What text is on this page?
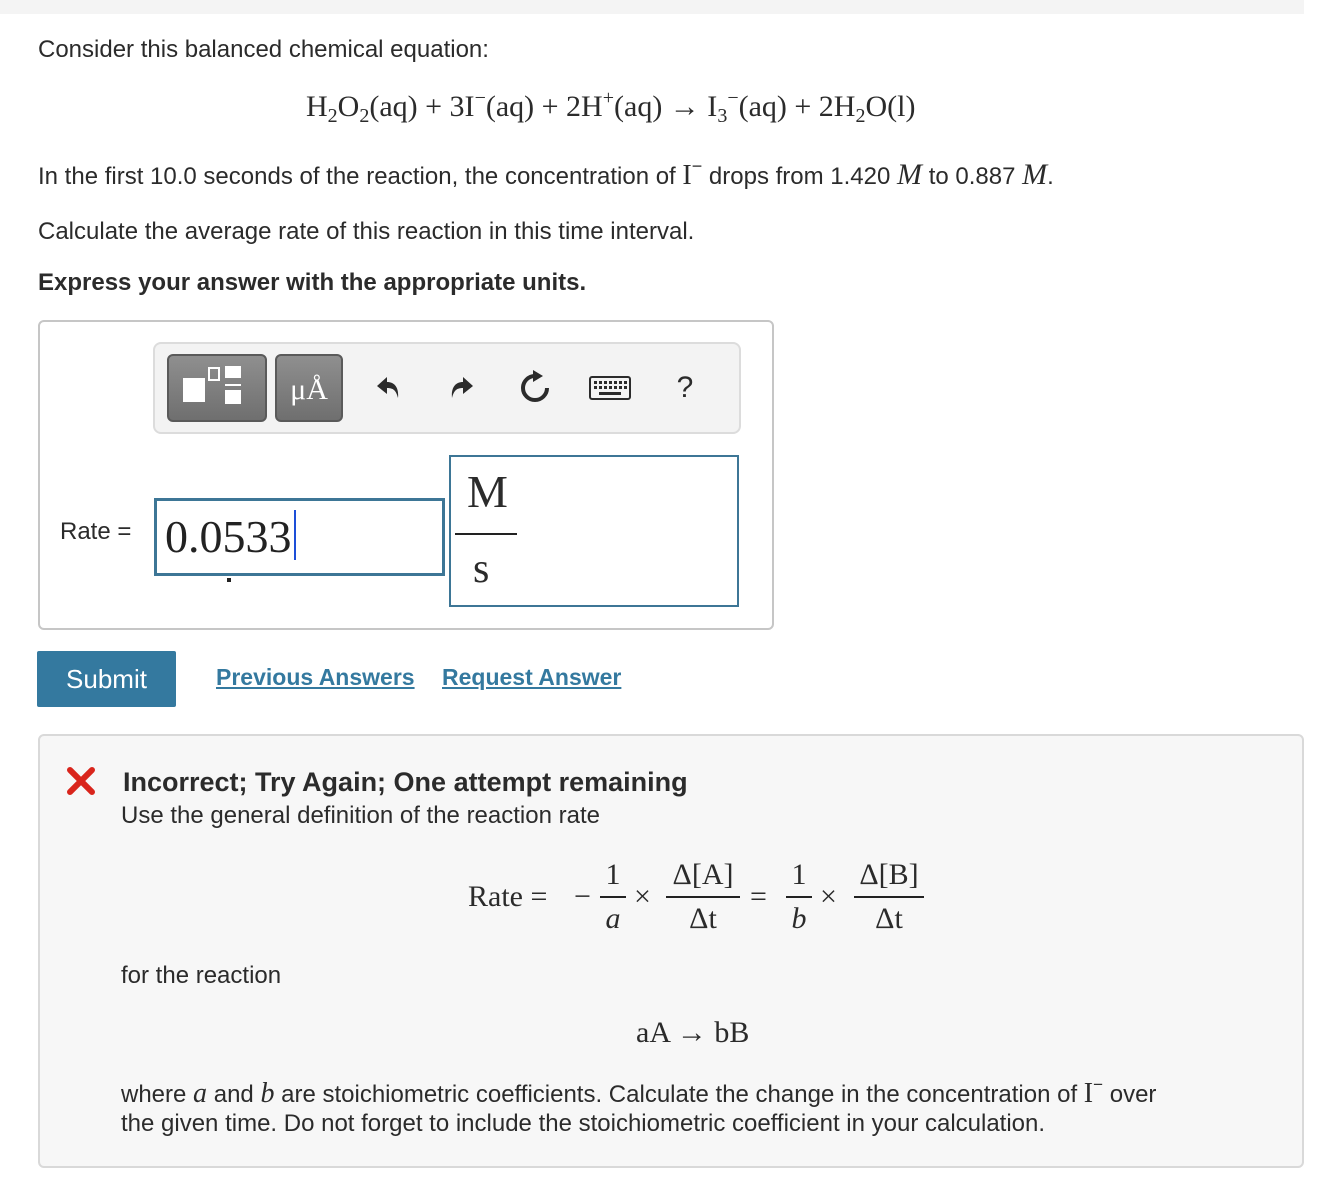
Consider this balanced chemical equation:
$H_2O_2(aq) + 3I^-(aq) + 2H^+(aq) \to I_3^-(aq) + 2H_2O(l)$
In the first 10.0 seconds of the reaction, the concentration of I− drops from 1.420 M to 0.887 M.
Calculate the average rate of this reaction in this time interval.
Express your answer with the appropriate units.
μÅ	?
Rate = 0.0533
M
s
Submit	Previous Answers Request Answer
Incorrect; Try Again; One attempt remaining
Use the general definition of the reaction rate
Rate = −
1
a
×
Δ[A]
Δt
=
1
b
×
Δ[B]
Δt
for the reaction
aA → bB
where a and b are stoichiometric coefficients. Calculate the change in the concentration of I− over
the given time. Do not forget to include the stoichiometric coefficient in your calculation.
